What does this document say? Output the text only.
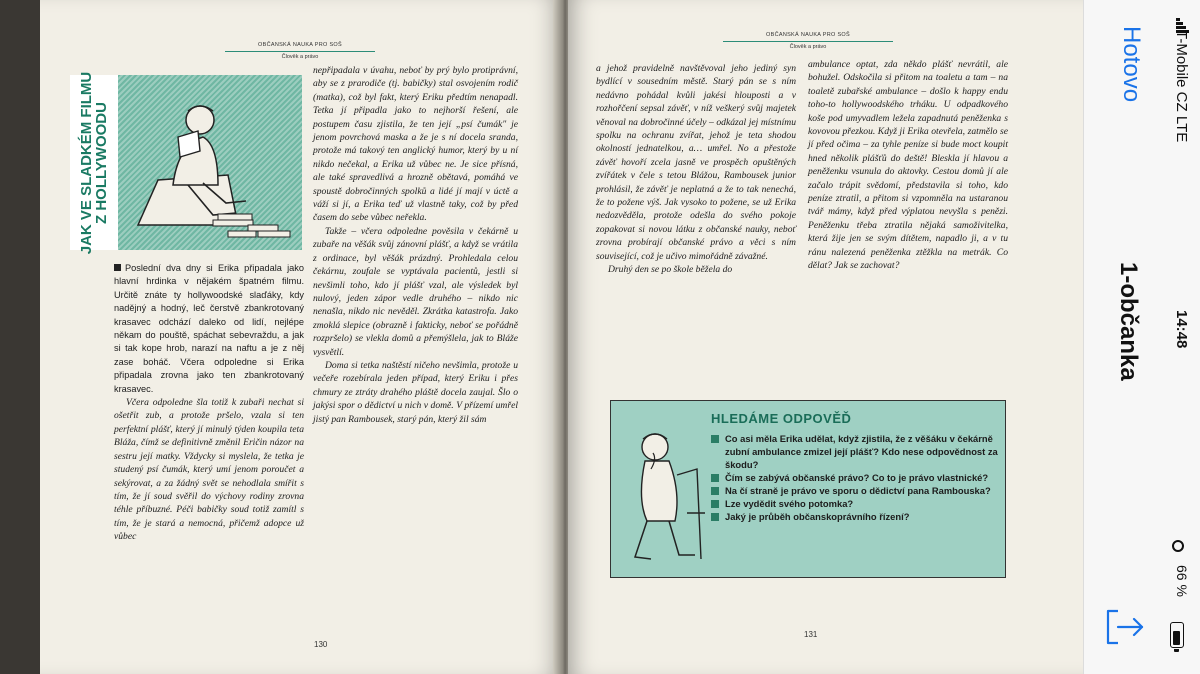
OBČANSKÁ NAUKA PRO SOŠ
Člověk a právo
130
JAK VE SLADKÉM FILMU
Z HOLLYWOODU

Poslední dva dny si Erika připadala jako hlavní hrdinka v nějakém špatném filmu. Určitě znáte ty hollywoodské slaďáky, kdy nadějný a hodný, leč čerstvě zbankrotovaný krasavec odchází daleko od lidí, nejlépe někam do pouště, spáchat sebevraždu, a jak si tak kope hrob, narazí na naftu a je z něj zase boháč. Včera odpoledne si Erika připadala zrovna jako ten zbankrotovaný krasavec.

Včera odpoledne šla totiž k zubaři nechat si ošetřit zub, a protože pršelo, vzala si ten perfektní plášť, který jí minulý týden koupila teta Bláža, čímž se definitivně změnil Eričin názor na sestru její matky. Vždycky si myslela, že tetka je studený psí čumák, který umí jenom poroučet a sekýrovat, a za žádný svět se nehodlala smířit s tím, že jí soud svěřil do výchovy rodiny zrovna téhle příbuzné. Péči babičky soud totiž zamítl s tím, že je stará a nemocná, přičemž adopce už vůbec

nepřipadala v úvahu, neboť by prý bylo protiprávní, aby se z prarodiče (tj. babičky) stal osvojením rodič (matka), což byl fakt, který Eriku předtím nenapadl. Tetka jí připadla jako to nejhorší řešení, ale postupem času zjistila, že ten její „psí čumák" je jenom povrchová maska a že je s ní docela sranda, protože má takový ten anglický humor, který by u ní nikdo nečekal, a Erika už vůbec ne. Je sice přísná, ale také spravedlivá a hrozně obětavá, pomáhá ve spoustě dobročinných spolků a lidé jí mají v úctě a váží si jí, a Erika teď už vlastně taky, což by před časem do sebe vůbec neřekla.

Takže – včera odpoledne pověsila v čekárně u zubaře na věšák svůj zánovní plášť, a když se vrátila z ordinace, byl věšák prázdný. Prohledala celou čekárnu, zoufale se vyptávala pacientů, jestli si nevšimli toho, kdo jí plášť vzal, ale výsledek byl nulový, jeden zápor vedle druhého – nikdo nic nenašla, nikdo nic nevěděl. Zkrátka katastrofa. Jako zmoklá slepice (obrazně i fakticky, neboť se pořádně rozpršelo) se vlekla domů a přemýšlela, jak to Bláže vysvětlí.

Doma si tetka naštěstí ničeho nevšimla, protože u večeře rozebírala jeden případ, který Eriku i přes chmury ze ztráty drahého pláště docela zaujal. Šlo o jakýsi spor o dědictví u nich v domě. V přízemí umřel jistý pan Rambousek, starý pán, který žil sám

OBČANSKÁ NAUKA PRO SOŠ
Člověk a právo
131

a jehož pravidelně navštěvoval jeho jediný syn bydlící v sousedním městě. Starý pán se s ním nedávno pohádal kvůli jakési hlouposti a v rozhořčení sepsal závěť, v níž veškerý svůj majetek věnoval na dobročinné účely – odkázal jej místnímu spolku na ochranu zvířat, jehož je teta shodou okolností jednatelkou, a… umřel. No a přestože závěť hovoří zcela jasně ve prospěch opuštěných zvířátek v čele s tetou Blážou, Rambousek junior prohlásil, že závěť je neplatná a že to tak nenechá, že to požene výš. Jak vysoko to požene, se už Erika nedozvěděla, protože odešla do svého pokoje zopakovat si novou látku z občanské nauky, neboť zrovna probírají občanské právo a věci s ním související, což je učivo mimořádně závažné.

Druhý den se po škole běžela do

ambulance optat, zda někdo plášť nevrátil, ale bohužel. Odskočila si přitom na toaletu a tam – na toaletě zubařské ambulance – došlo k happy endu toho-to hollywoodského trháku. U odpadkového koše pod umyvadlem ležela zapadnutá peněženka s kovovou přezkou. Když ji Erika otevřela, zatmělo se jí před očima – za tyhle peníze si bude moct koupit hned několik plášťů do deště! Bleskla jí hlavou a peněženku vsunula do aktovky. Cestou domů jí ale začalo trápit svědomí, představila si toho, kdo peníze ztratil, a přitom si vzpomněla na ustaranou tvář mámy, když před výplatou nevyšla s penězi. Peněženku třeba ztratila nějaká samoživitelka, která žije jen se svým dítětem, napadlo ji, a v tu ránu nalezená peněženka ztěžkla na metrák. Co dělat? Jak se zachovat?

HLEDÁME ODPOVĚĎ
Co asi měla Erika udělat, když zjistila, že z věšáku v čekárně zubní ambulance zmizel její plášť? Kdo nese odpovědnost za škodu?
Čím se zabývá občanské právo? Co to je právo vlastnické?
Na čí straně je právo ve sporu o dědictví pana Rambouska?
Lze vydědit svého potomka?
Jaký je průběh občanskoprávního řízení?
Hotovo
1-občanka
T-Mobile CZ LTE
14:48
66 %
